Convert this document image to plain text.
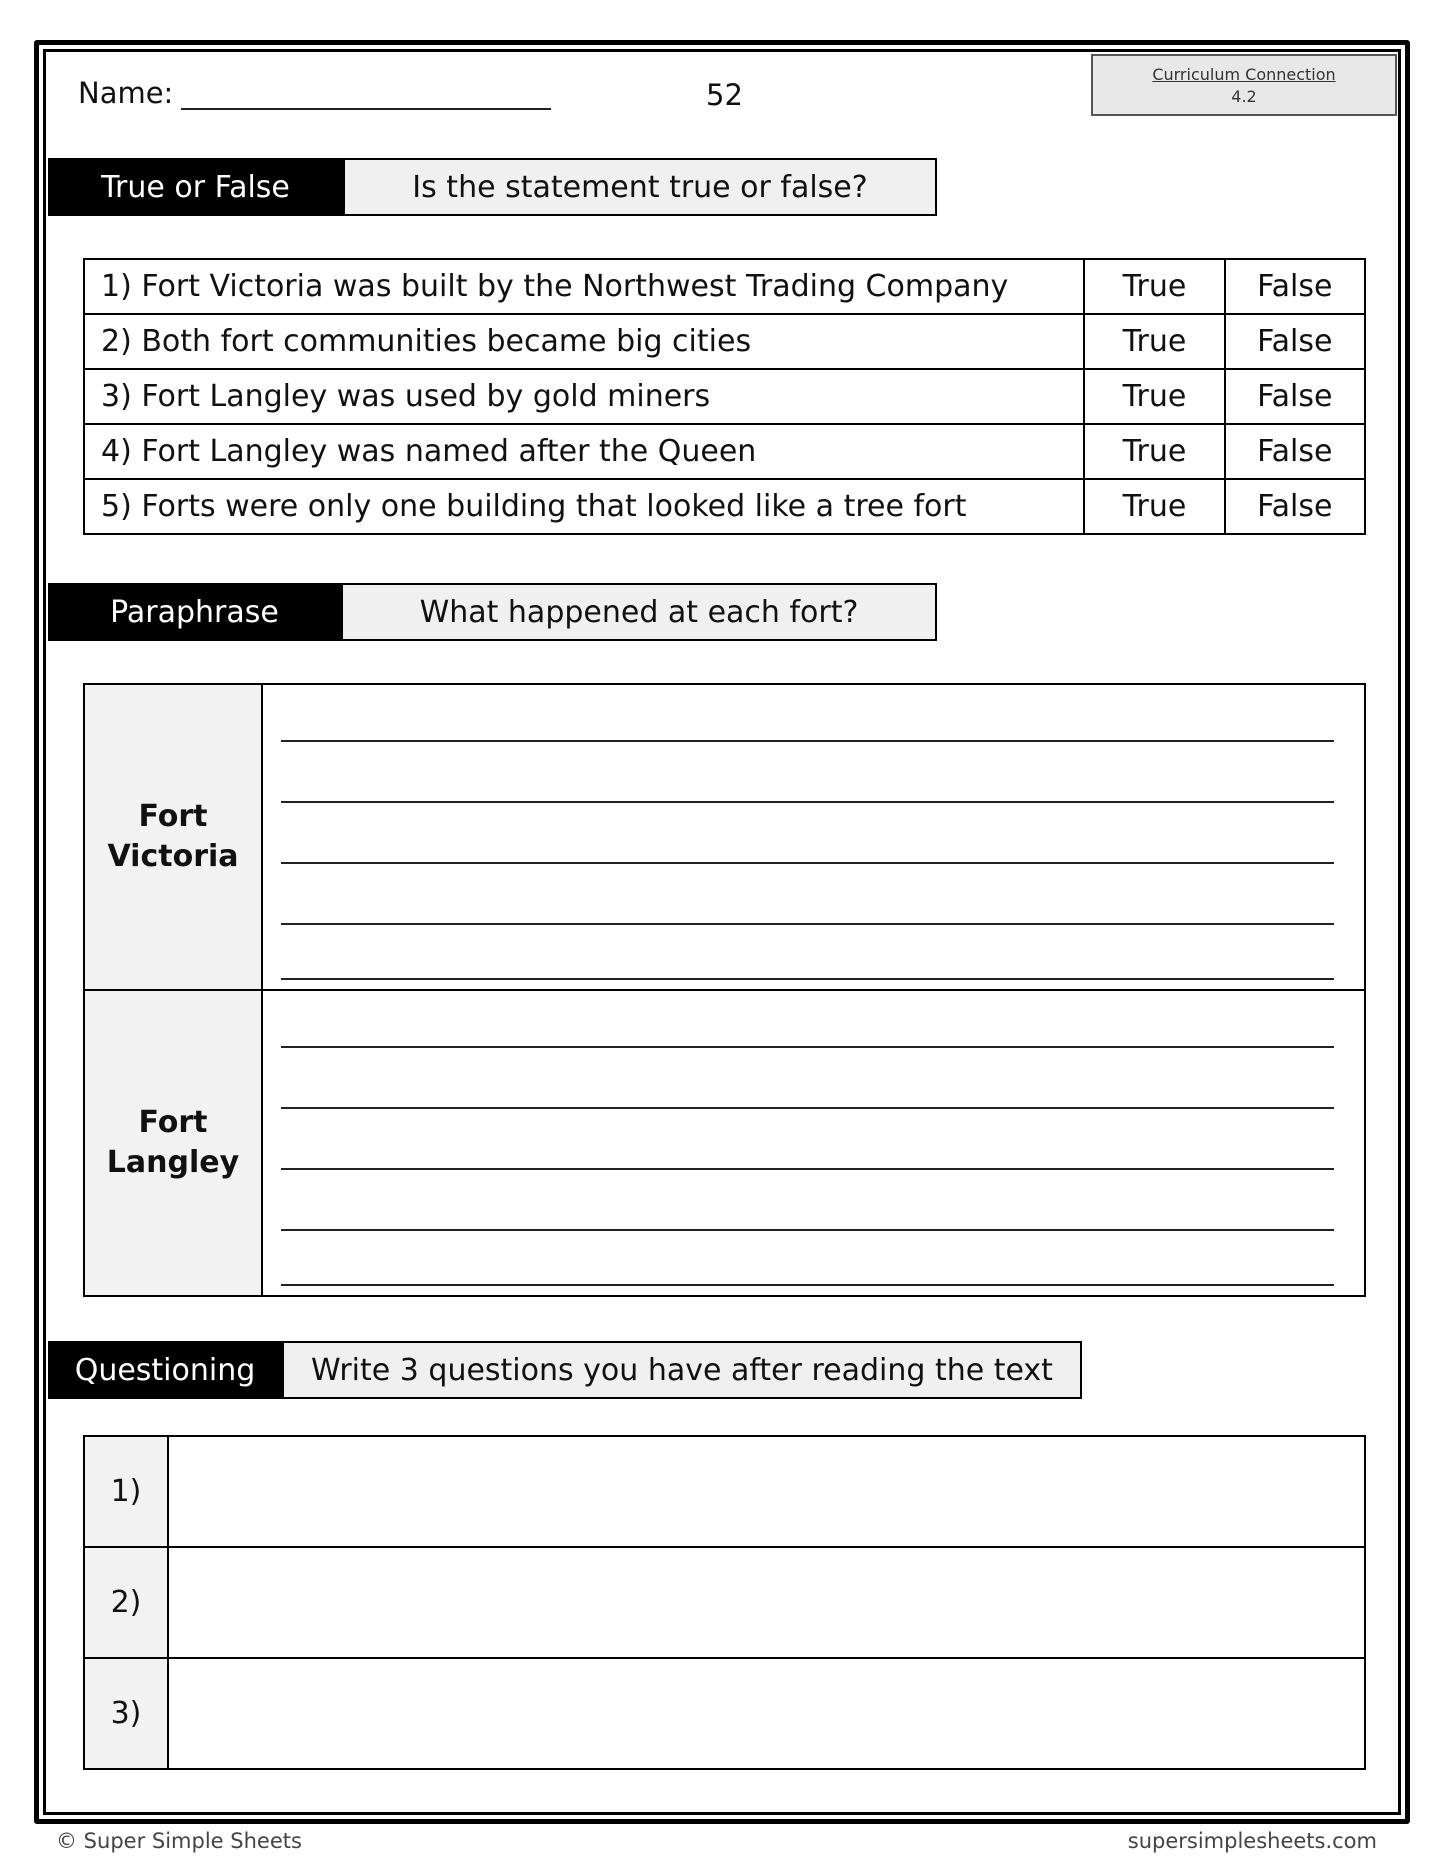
Name:	52
Curriculum Connection
4.2
True or False	Is the statement true or false?
1) Fort Victoria was built by the Northwest Trading Company	True	False
2) Both fort communities became big cities	True	False
3) Fort Langley was used by gold miners	True	False
4) Fort Langley was named after the Queen	True	False
5) Forts were only one building that looked like a tree fort	True	False
Paraphrase	What happened at each fort?
Fort
Victoria	

Fort
Langley	

Questioning	Write 3 questions you have after reading the text
1)	
2)	
3)	
© Super Simple Sheets	supersimplesheets.com
